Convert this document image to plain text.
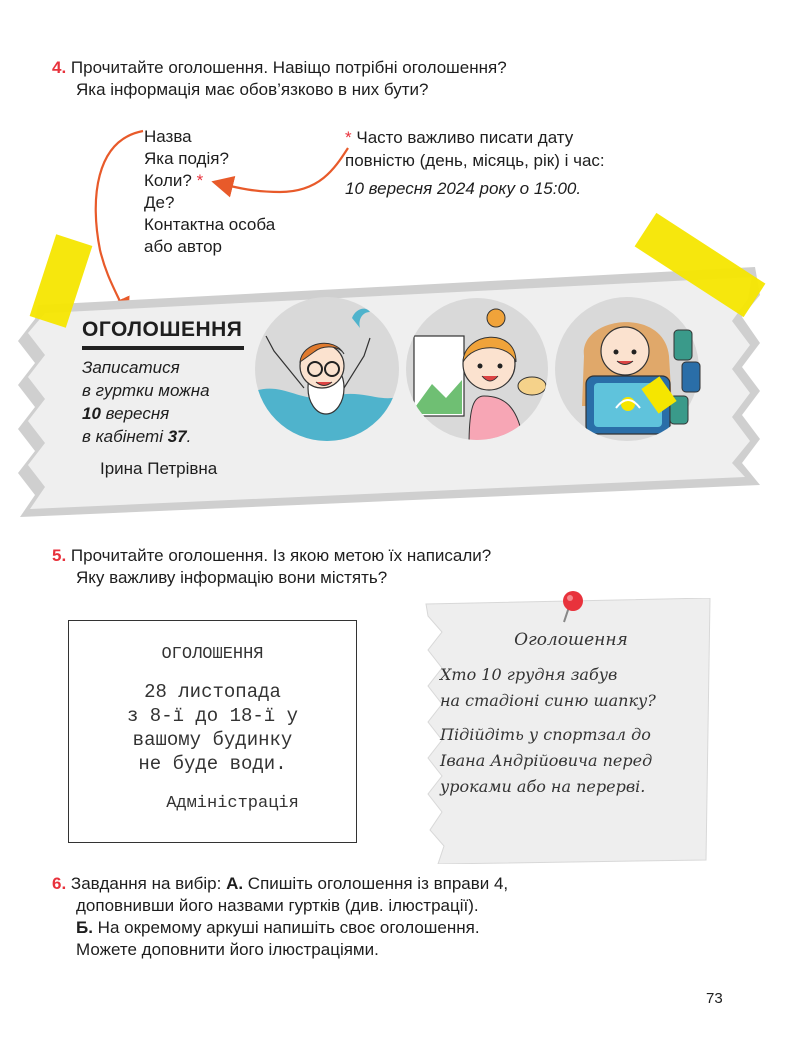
4. Прочитайте оголошення. Навіщо потрібні оголошення?
Яка інформація має обов’язково в них бути?
Назва
Яка подія?
Коли? *
Де?
Контактна особа
або автор
* Часто важливо писати дату
повністю (день, місяць, рік) і час:
10 вересня 2024 року о 15:00.
ОГОЛОШЕННЯ
Записатися
в гуртки можна
10 вересня
в кабінеті 37.
Ірина Петрівна
5. Прочитайте оголошення. Із якою метою їх написали?
Яку важливу інформацію вони містять?
ОГОЛОШЕННЯ
28 листопада
з 8-ї до 18-ї у
вашому будинку
не буде води.
Адміністрація
Оголошення
Хто 10 грудня забув
на стадіоні синю шапку?
Підійдіть у спортзал до
Івана Андрійовича перед
уроками або на перерві.
6. Завдання на вибір: А. Спишіть оголошення із вправи 4,
доповнивши його назвами гуртків (див. ілюстрації).
Б. На окремому аркуші напишіть своє оголошення.
Можете доповнити його ілюстраціями.
73
